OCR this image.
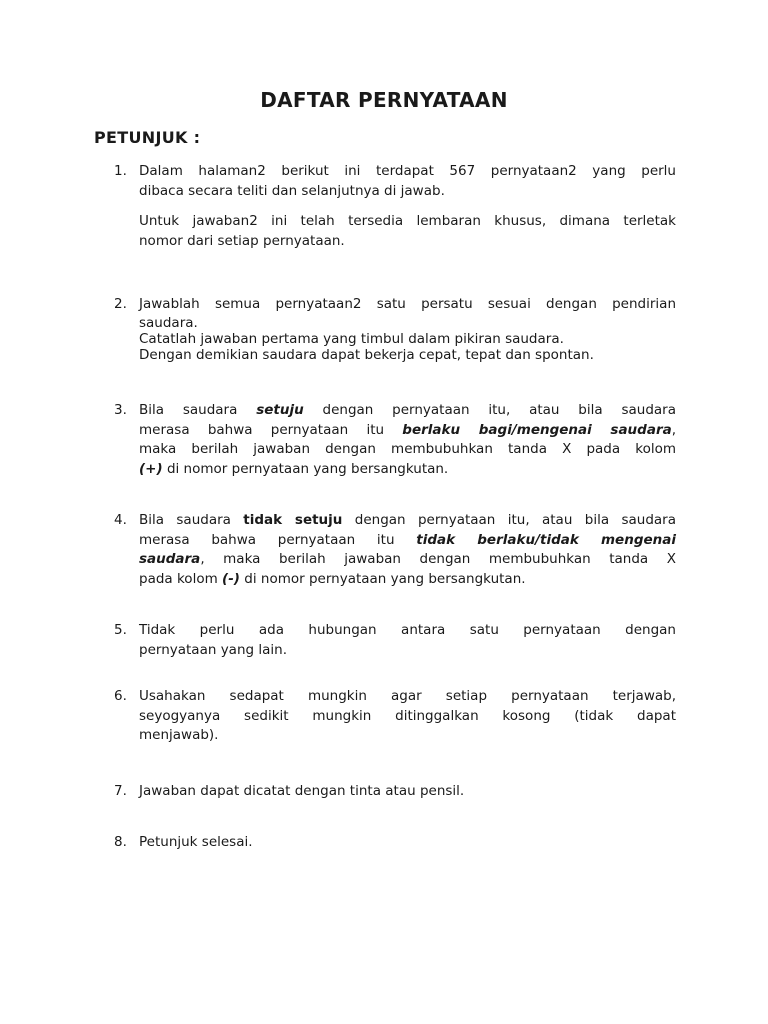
DAFTAR PERNYATAAN
PETUNJUK :
1. Dalam halaman2 berikut ini terdapat 567 pernyataan2 yang perlu
dibaca secara teliti dan selanjutnya di jawab.
Untuk jawaban2 ini telah tersedia lembaran khusus, dimana terletak
nomor dari setiap pernyataan.
2. Jawablah semua pernyataan2 satu persatu sesuai dengan pendirian
saudara.
Catatlah jawaban pertama yang timbul dalam pikiran saudara.
Dengan demikian saudara dapat bekerja cepat, tepat dan spontan.
3. Bila saudara setuju dengan pernyataan itu, atau bila saudara
merasa bahwa pernyataan itu berlaku bagi/mengenai saudara,
maka berilah jawaban dengan membubuhkan tanda X pada kolom
(+) di nomor pernyataan yang bersangkutan.
4. Bila saudara tidak setuju dengan pernyataan itu, atau bila saudara
merasa bahwa pernyataan itu tidak berlaku/tidak mengenai
saudara, maka berilah jawaban dengan membubuhkan tanda X
pada kolom (-) di nomor pernyataan yang bersangkutan.
5. Tidak perlu ada hubungan antara satu pernyataan dengan
pernyataan yang lain.
6. Usahakan sedapat mungkin agar setiap pernyataan terjawab,
seyogyanya sedikit mungkin ditinggalkan kosong (tidak dapat
menjawab).
7. Jawaban dapat dicatat dengan tinta atau pensil.
8. Petunjuk selesai.
